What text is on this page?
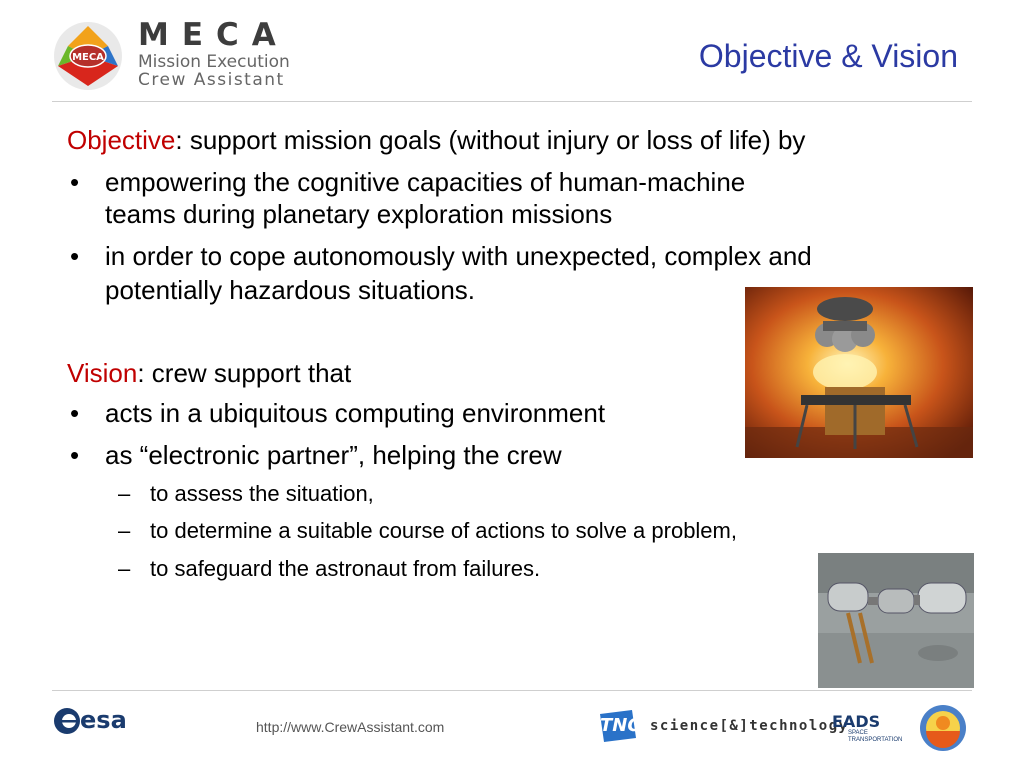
MECA
MECA
Mission Execution
Crew Assistant
Objective & Vision
Objective: support mission goals (without injury or loss of life) by
• empowering the cognitive capacities of human-machine
teams during planetary exploration missions
• in order to cope autonomously with unexpected, complex and
potentially hazardous situations.
Vision: crew support that
• acts in a ubiquitous computing environment
• as “electronic partner”, helping the crew
– to assess the situation,
– to determine a suitable course of actions to solve a problem,
– to safeguard the astronaut from failures.
esa	http://www.CrewAssistant.com	TNO science[&]technology
EADS
SPACE
TRANSPORTATION
